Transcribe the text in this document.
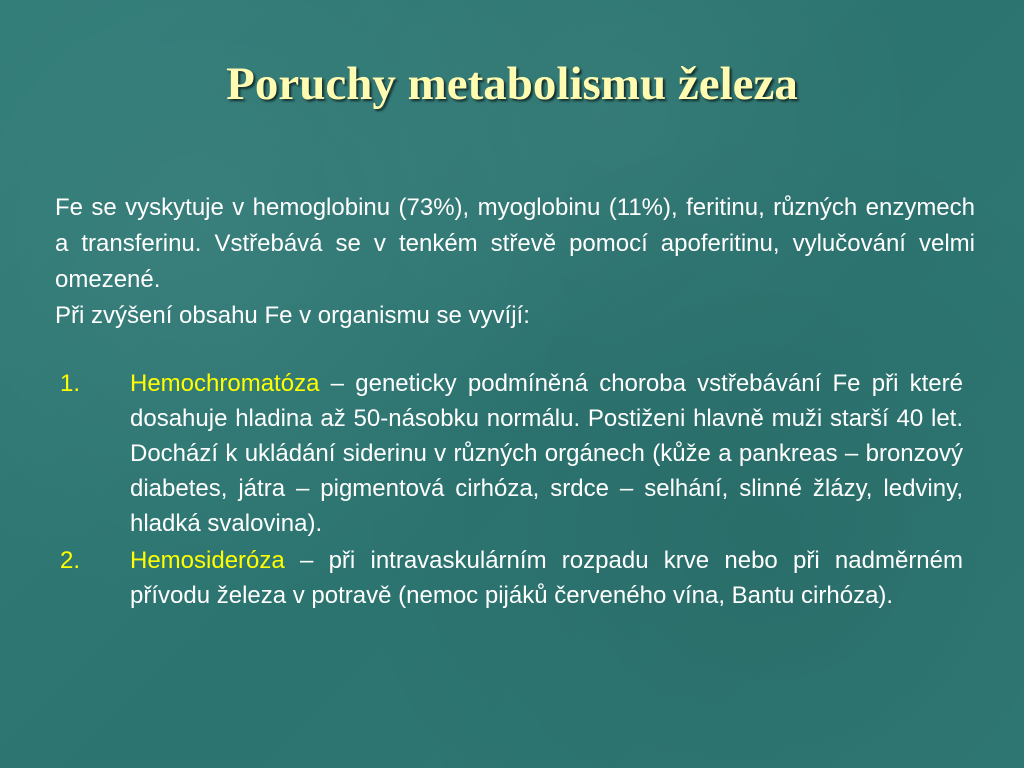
Poruchy metabolismu železa

Fe se vyskytuje v hemoglobinu (73%), myoglobinu (11%), feritinu, různých enzymech a transferinu. Vstřebává se v tenkém střevě pomocí apoferitinu, vylučování velmi omezené.

Při zvýšení obsahu Fe v organismu se vyvíjí:

1. Hemochromatóza – geneticky podmíněná choroba vstřebávání Fe při které dosahuje hladina až 50-násobku normálu. Postiženi hlavně muži starší 40 let. Dochází k ukládání siderinu v různých orgánech (kůže a pankreas – bronzový diabetes, játra – pigmentová cirhóza, srdce – selhání, slinné žlázy, ledviny, hladká svalovina).
2. Hemosideróza – při intravaskulárním rozpadu krve nebo při nadměrném přívodu železa v potravě (nemoc pijáků červeného vína, Bantu cirhóza).
